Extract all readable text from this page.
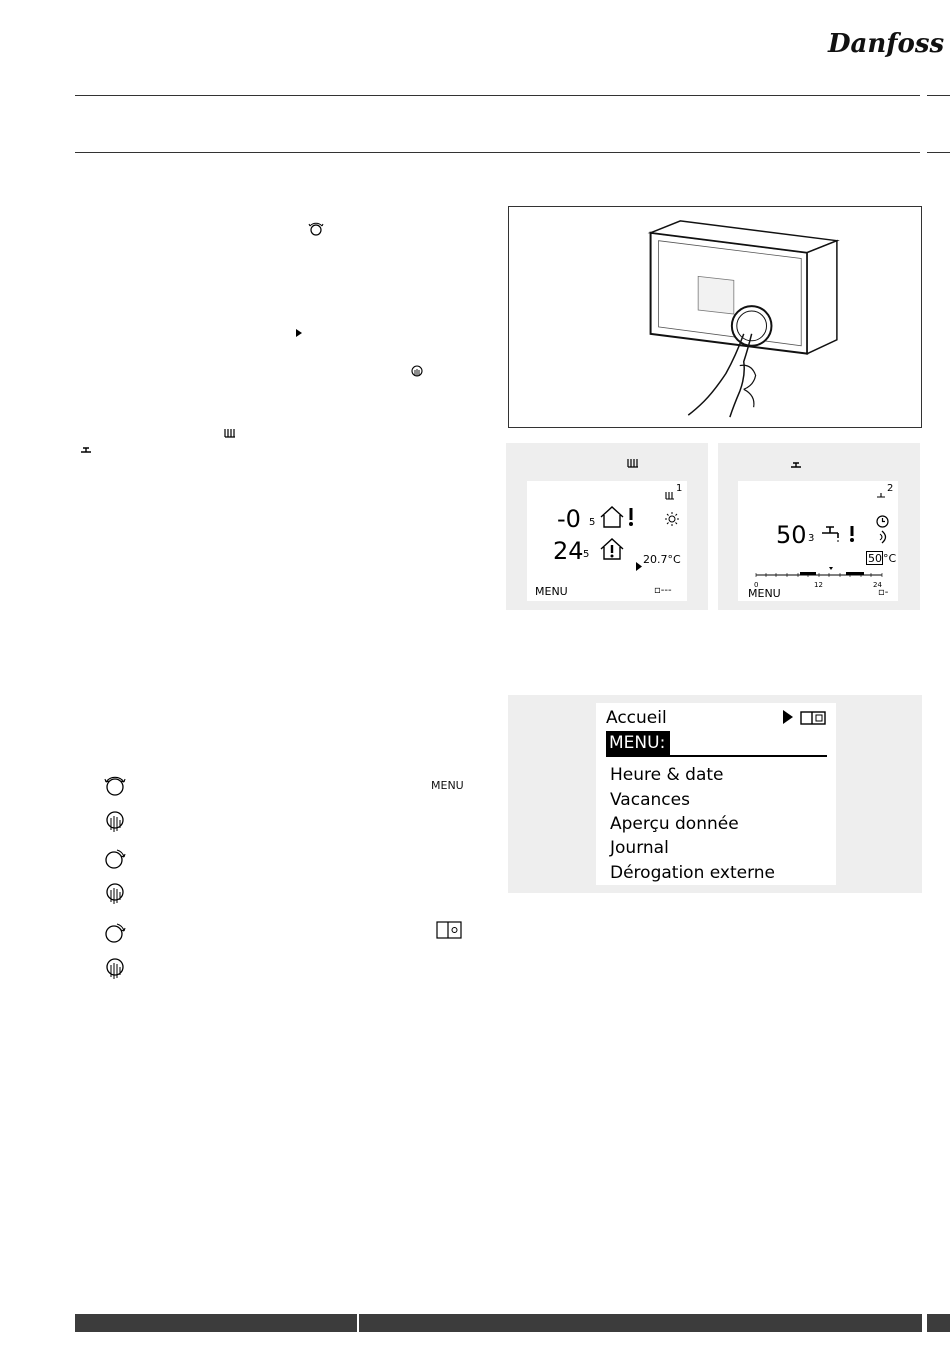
Danfoss
1
-0 5
24 5	20.7°C
MENU	▫---
2
50 3
50 °C
0	12	24
MENU	▫-
Accueil
MENU:
Heure & date
Vacances
Aperçu donnée
Journal
Dérogation externe
MENU
